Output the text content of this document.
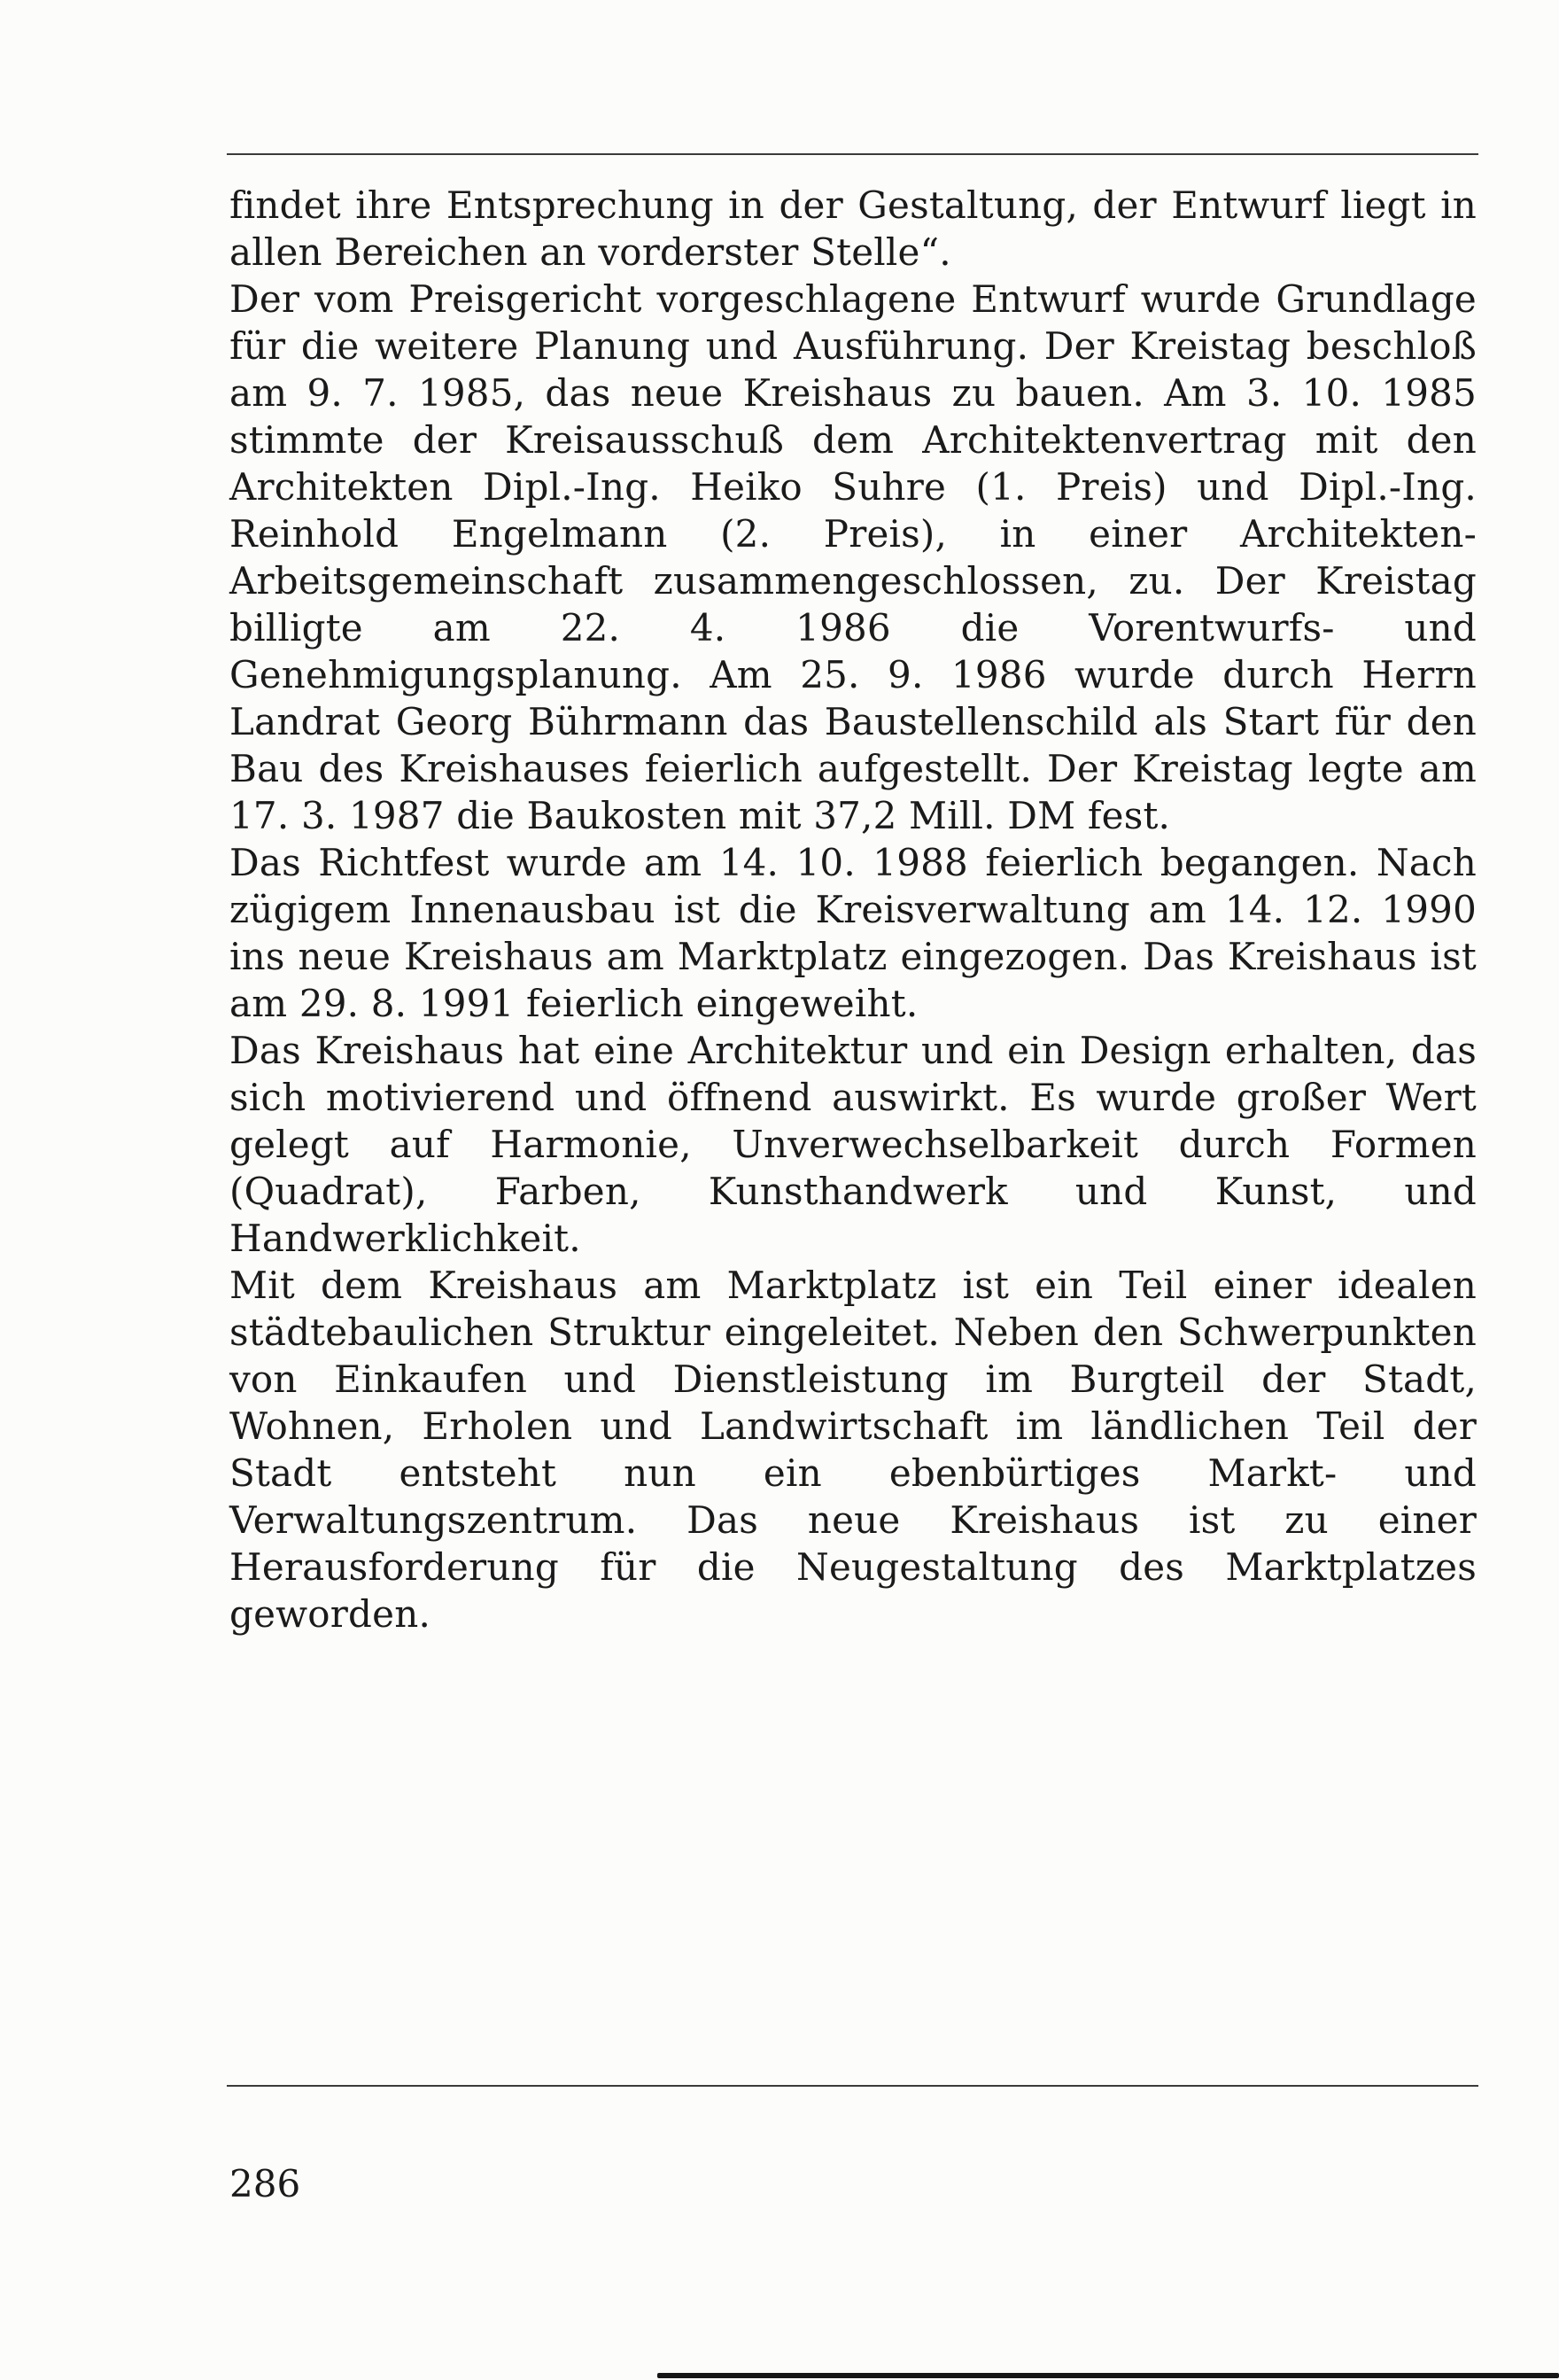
findet ihre Entsprechung in der Gestaltung, der Entwurf liegt in allen Bereichen an vorderster Stelle“.

Der vom Preisgericht vorgeschlagene Entwurf wurde Grundlage für die weitere Planung und Ausführung. Der Kreistag beschloß am 9. 7. 1985, das neue Kreishaus zu bauen. Am 3. 10. 1985 stimmte der Kreisausschuß dem Architektenvertrag mit den Architekten Dipl.-Ing. Heiko Suhre (1. Preis) und Dipl.-Ing. Reinhold Engelmann (2. Preis), in einer Architekten-Arbeitsgemeinschaft zusammengeschlossen, zu. Der Kreistag billigte am 22. 4. 1986 die Vorentwurfs- und Genehmigungsplanung. Am 25. 9. 1986 wurde durch Herrn Landrat Georg Bührmann das Baustellenschild als Start für den Bau des Kreishauses feierlich aufgestellt. Der Kreistag legte am 17. 3. 1987 die Baukosten mit 37,2 Mill. DM fest.

Das Richtfest wurde am 14. 10. 1988 feierlich begangen. Nach zügigem Innenausbau ist die Kreisverwaltung am 14. 12. 1990 ins neue Kreishaus am Marktplatz eingezogen. Das Kreishaus ist am 29. 8. 1991 feierlich eingeweiht.

Das Kreishaus hat eine Architektur und ein Design erhalten, das sich motivierend und öffnend auswirkt. Es wurde großer Wert gelegt auf Harmonie, Unverwechselbarkeit durch Formen (Quadrat), Farben, Kunsthandwerk und Kunst, und Handwerklichkeit.

Mit dem Kreishaus am Marktplatz ist ein Teil einer idealen städtebaulichen Struktur eingeleitet. Neben den Schwerpunkten von Einkaufen und Dienstleistung im Burgteil der Stadt, Wohnen, Erholen und Landwirtschaft im ländlichen Teil der Stadt entsteht nun ein ebenbürtiges Markt- und Verwaltungszentrum. Das neue Kreishaus ist zu einer Herausforderung für die Neugestaltung des Marktplatzes geworden.

286
